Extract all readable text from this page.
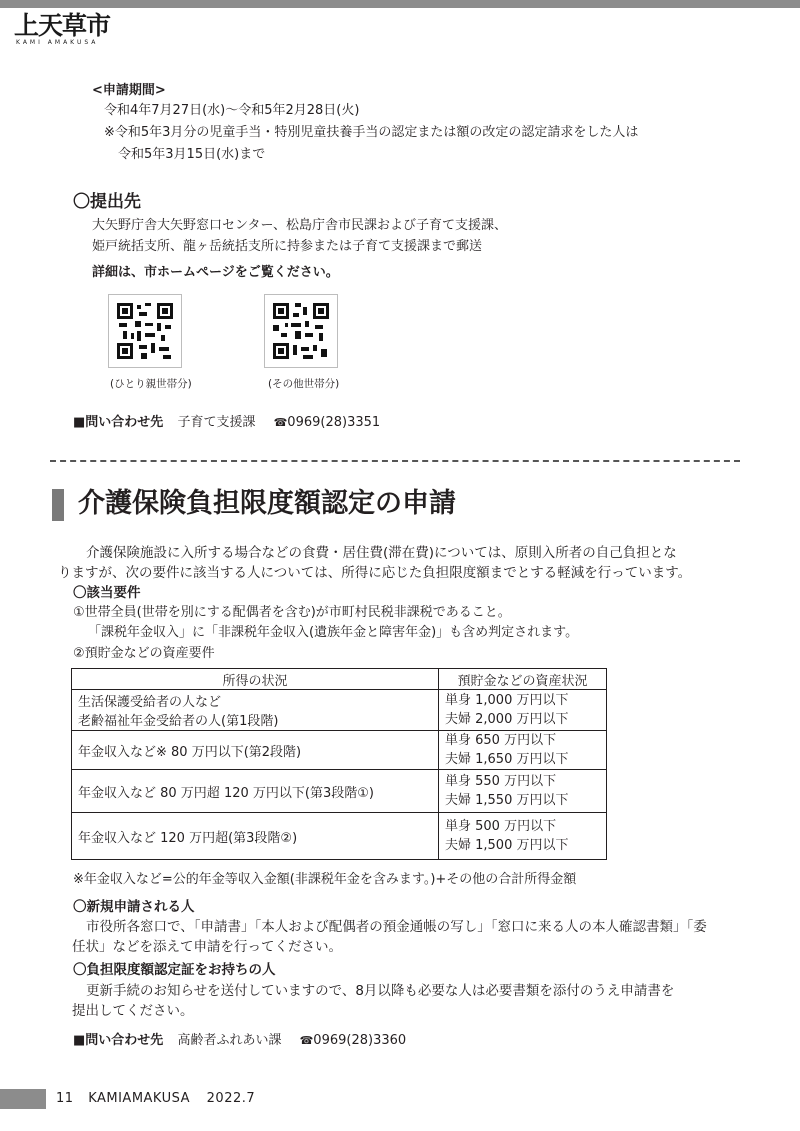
上天草市
KAMI AMAKUSA
<申請期間>
令和4年7月27日(水)～令和5年2月28日(火)
※令和5年3月分の児童手当・特別児童扶養手当の認定または額の改定の認定請求をした人は
令和5年3月15日(水)まで
〇提出先
大矢野庁舎大矢野窓口センター、松島庁舎市民課および子育て支援課、
姫戸統括支所、龍ヶ岳統括支所に持参または子育て支援課まで郵送
詳細は、市ホームページをご覧ください。
(ひとり親世帯分)	(その他世帯分)
■問い合わせ先 子育て支援課 ☎0969(28)3351
介護保険負担限度額認定の申請
介護保険施設に入所する場合などの食費・居住費(滞在費)については、原則入所者の自己負担とな
りますが、次の要件に該当する人については、所得に応じた負担限度額までとする軽減を行っています。
〇該当要件
①世帯全員(世帯を別にする配偶者を含む)が市町村民税非課税であること。
「課税年金収入」に「非課税年金収入(遺族年金と障害年金)」も含め判定されます。
②預貯金などの資産要件
所得の状況	預貯金などの資産状況
生活保護受給者の人など
老齢福祉年金受給者の人(第1段階)	単身 1,000 万円以下
夫婦 2,000 万円以下
年金収入など※ 80 万円以下(第2段階)	単身 650 万円以下
夫婦 1,650 万円以下
年金収入など 80 万円超 120 万円以下(第3段階①)	単身 550 万円以下
夫婦 1,550 万円以下
年金収入など 120 万円超(第3段階②)	単身 500 万円以下
夫婦 1,500 万円以下
※年金収入など=公的年金等収入金額(非課税年金を含みます。)+その他の合計所得金額
〇新規申請される人
市役所各窓口で、「申請書」「本人および配偶者の預金通帳の写し」「窓口に来る人の本人確認書類」「委
任状」などを添えて申請を行ってください。
〇負担限度額認定証をお持ちの人
更新手続のお知らせを送付していますので、8月以降も必要な人は必要書類を添付のうえ申請書を
提出してください。
■問い合わせ先 高齢者ふれあい課 ☎0969(28)3360
11 KAMIAMAKUSA 2022.7
